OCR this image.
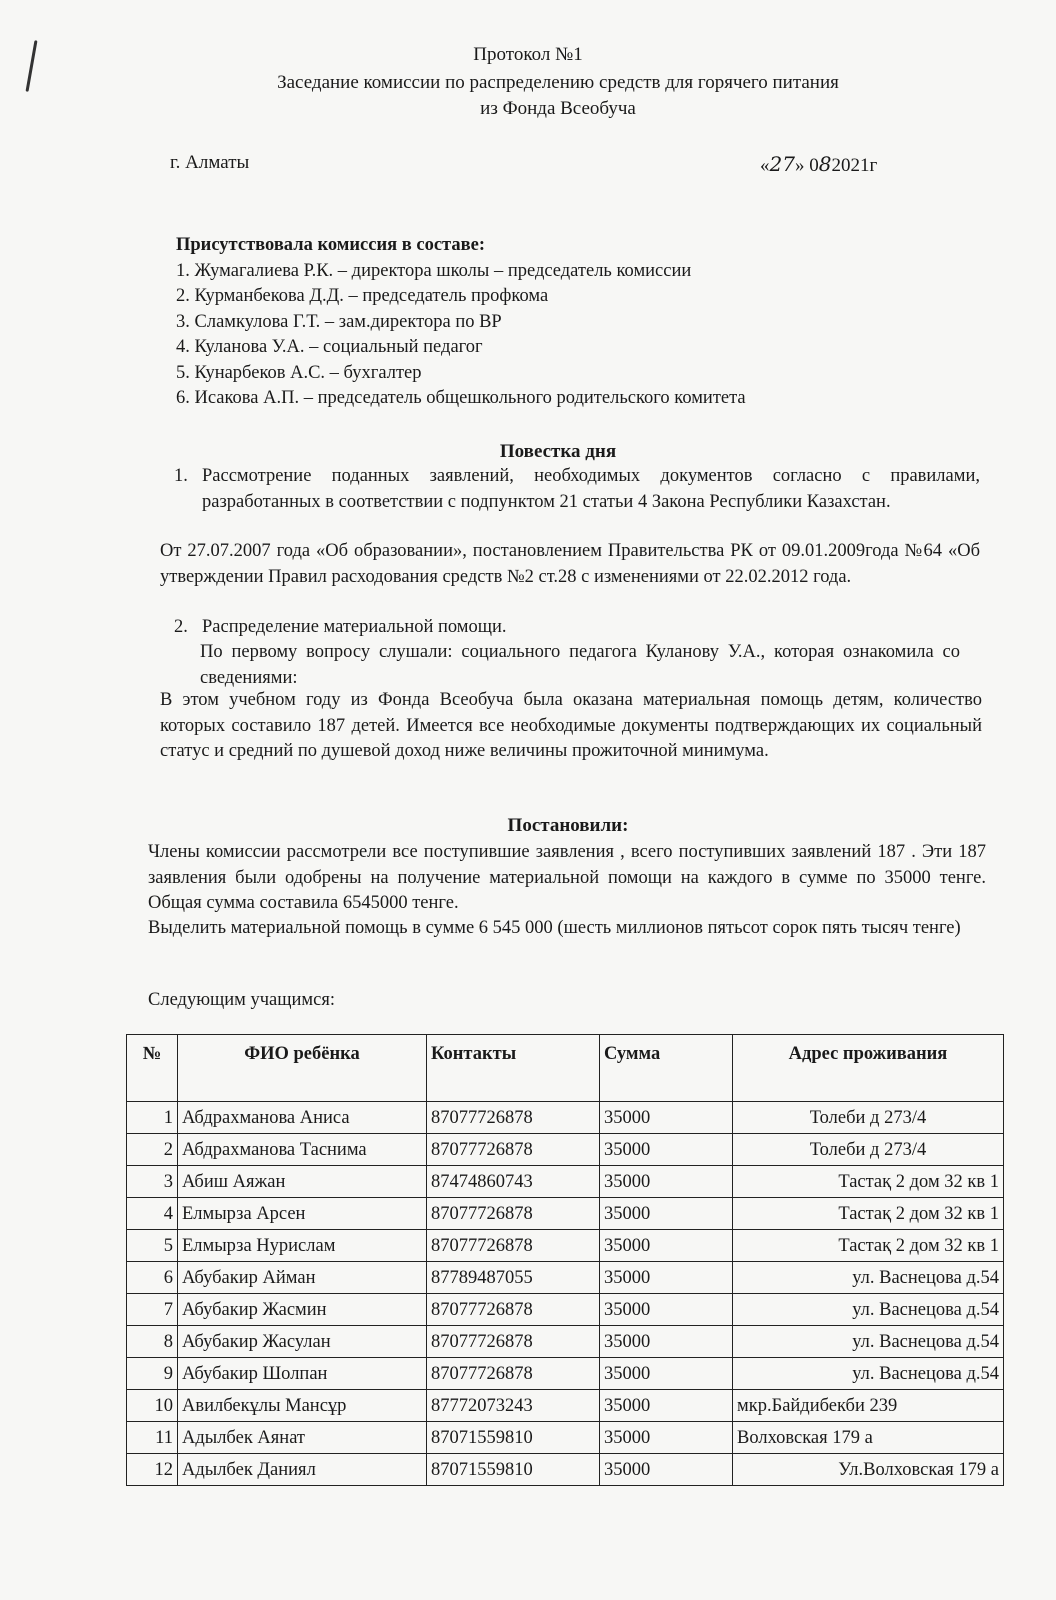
Протокол №1
Заседание комиссии по распределению средств для горячего питания
из Фонда Всеобуча
г. Алматы	«27» 082021г
Присутствовала комиссия в составе:
1. Жумагалиева Р.К. – директора школы – председатель комиссии
2. Курманбекова Д.Д. – председатель профкома
3. Сламкулова Г.Т. – зам.директора по ВР
4. Куланова У.А. – социальный педагог
5. Кунарбеков А.С. – бухгалтер
6. Исакова А.П. – председатель общешкольного родительского комитета
Повестка дня
1. Рассмотрение поданных заявлений, необходимых документов согласно с правилами, разработанных в соответствии с подпунктом 21 статьи 4 Закона Республики Казахстан.
От 27.07.2007 года «Об образовании», постановлением Правительства РК от 09.01.2009года №64 «Об утверждении Правил расходования средств №2 ст.28 с изменениями от 22.02.2012 года.
2. Распределение материальной помощи.
По первому вопросу слушали: социального педагога Куланову У.А., которая ознакомила со сведениями:
В этом учебном году из Фонда Всеобуча была оказана материальная помощь детям, количество которых составило 187 детей. Имеется все необходимые документы подтверждающих их социальный статус и средний по душевой доход ниже величины прожиточной минимума.
Постановили:
Члены комиссии рассмотрели все поступившие заявления , всего поступивших заявлений 187 . Эти 187 заявления были одобрены на получение материальной помощи на каждого в сумме по 35000 тенге. Общая сумма составила 6545000 тенге.
Выделить материальной помощь в сумме 6 545 000 (шесть миллионов пятьсот сорок пять тысяч тенге)
Следующим учащимся:
№	ФИО ребёнка	Контакты	Сумма	Адрес проживания
1	Абдрахманова Аниса	87077726878	35000	Толеби д 273/4
2	Абдрахманова Таснима	87077726878	35000	Толеби д 273/4
3	Абиш Аяжан	87474860743	35000	Тастақ 2 дом 32 кв 1
4	Елмырза Арсен	87077726878	35000	Тастақ 2 дом 32 кв 1
5	Елмырза Нурислам	87077726878	35000	Тастақ 2 дом 32 кв 1
6	Абубакир Айман	87789487055	35000	ул. Васнецова д.54
7	Абубакир Жасмин	87077726878	35000	ул. Васнецова д.54
8	Абубакир Жасулан	87077726878	35000	ул. Васнецова д.54
9	Абубакир Шолпан	87077726878	35000	ул. Васнецова д.54
10	Авилбекұлы Мансұр	87772073243	35000	мкр.Байдибекби 239
11	Адылбек Аянат	87071559810	35000	Волховская 179 а
12	Адылбек Даниял	87071559810	35000	Ул.Волховская 179 а
